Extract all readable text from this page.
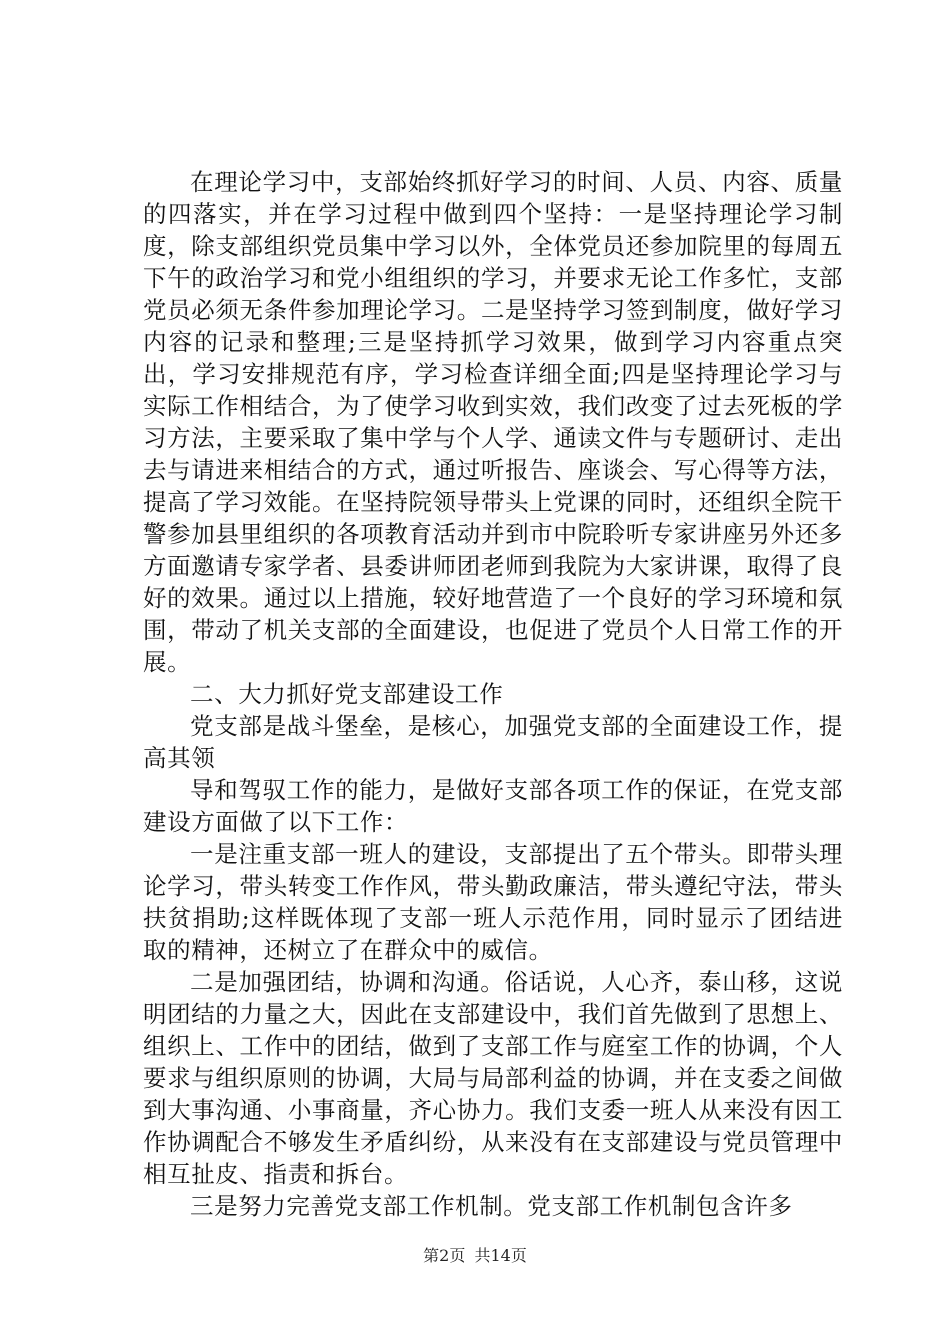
在理论学习中，支部始终抓好学习的时间、人员、内容、质量的四落实，并在学习过程中做到四个坚持：一是坚持理论学习制度，除支部组织党员集中学习以外，全体党员还参加院里的每周五下午的政治学习和党小组组织的学习，并要求无论工作多忙，支部党员必须无条件参加理论学习。二是坚持学习签到制度，做好学习内容的记录和整理;三是坚持抓学习效果，做到学习内容重点突出，学习安排规范有序，学习检查详细全面;四是坚持理论学习与实际工作相结合，为了使学习收到实效，我们改变了过去死板的学习方法，主要采取了集中学与个人学、通读文件与专题研讨、走出去与请进来相结合的方式，通过听报告、座谈会、写心得等方法，提高了学习效能。在坚持院领导带头上党课的同时，还组织全院干警参加县里组织的各项教育活动并到市中院聆听专家讲座另外还多方面邀请专家学者、县委讲师团老师到我院为大家讲课，取得了良好的效果。通过以上措施，较好地营造了一个良好的学习环境和氛围，带动了机关支部的全面建设，也促进了党员个人日常工作的开展。

二、大力抓好党支部建设工作

党支部是战斗堡垒，是核心，加强党支部的全面建设工作，提高其领

导和驾驭工作的能力，是做好支部各项工作的保证，在党支部建设方面做了以下工作：

一是注重支部一班人的建设，支部提出了五个带头。即带头理论学习，带头转变工作作风，带头勤政廉洁，带头遵纪守法，带头扶贫捐助;这样既体现了支部一班人示范作用，同时显示了团结进取的精神，还树立了在群众中的威信。

二是加强团结，协调和沟通。俗话说，人心齐，泰山移，这说明团结的力量之大，因此在支部建设中，我们首先做到了思想上、组织上、工作中的团结，做到了支部工作与庭室工作的协调，个人要求与组织原则的协调，大局与局部利益的协调，并在支委之间做到大事沟通、小事商量，齐心协力。我们支委一班人从来没有因工作协调配合不够发生矛盾纠纷，从来没有在支部建设与党员管理中相互扯皮、指责和拆台。

三是努力完善党支部工作机制。党支部工作机制包含许多

第2页 共14页
